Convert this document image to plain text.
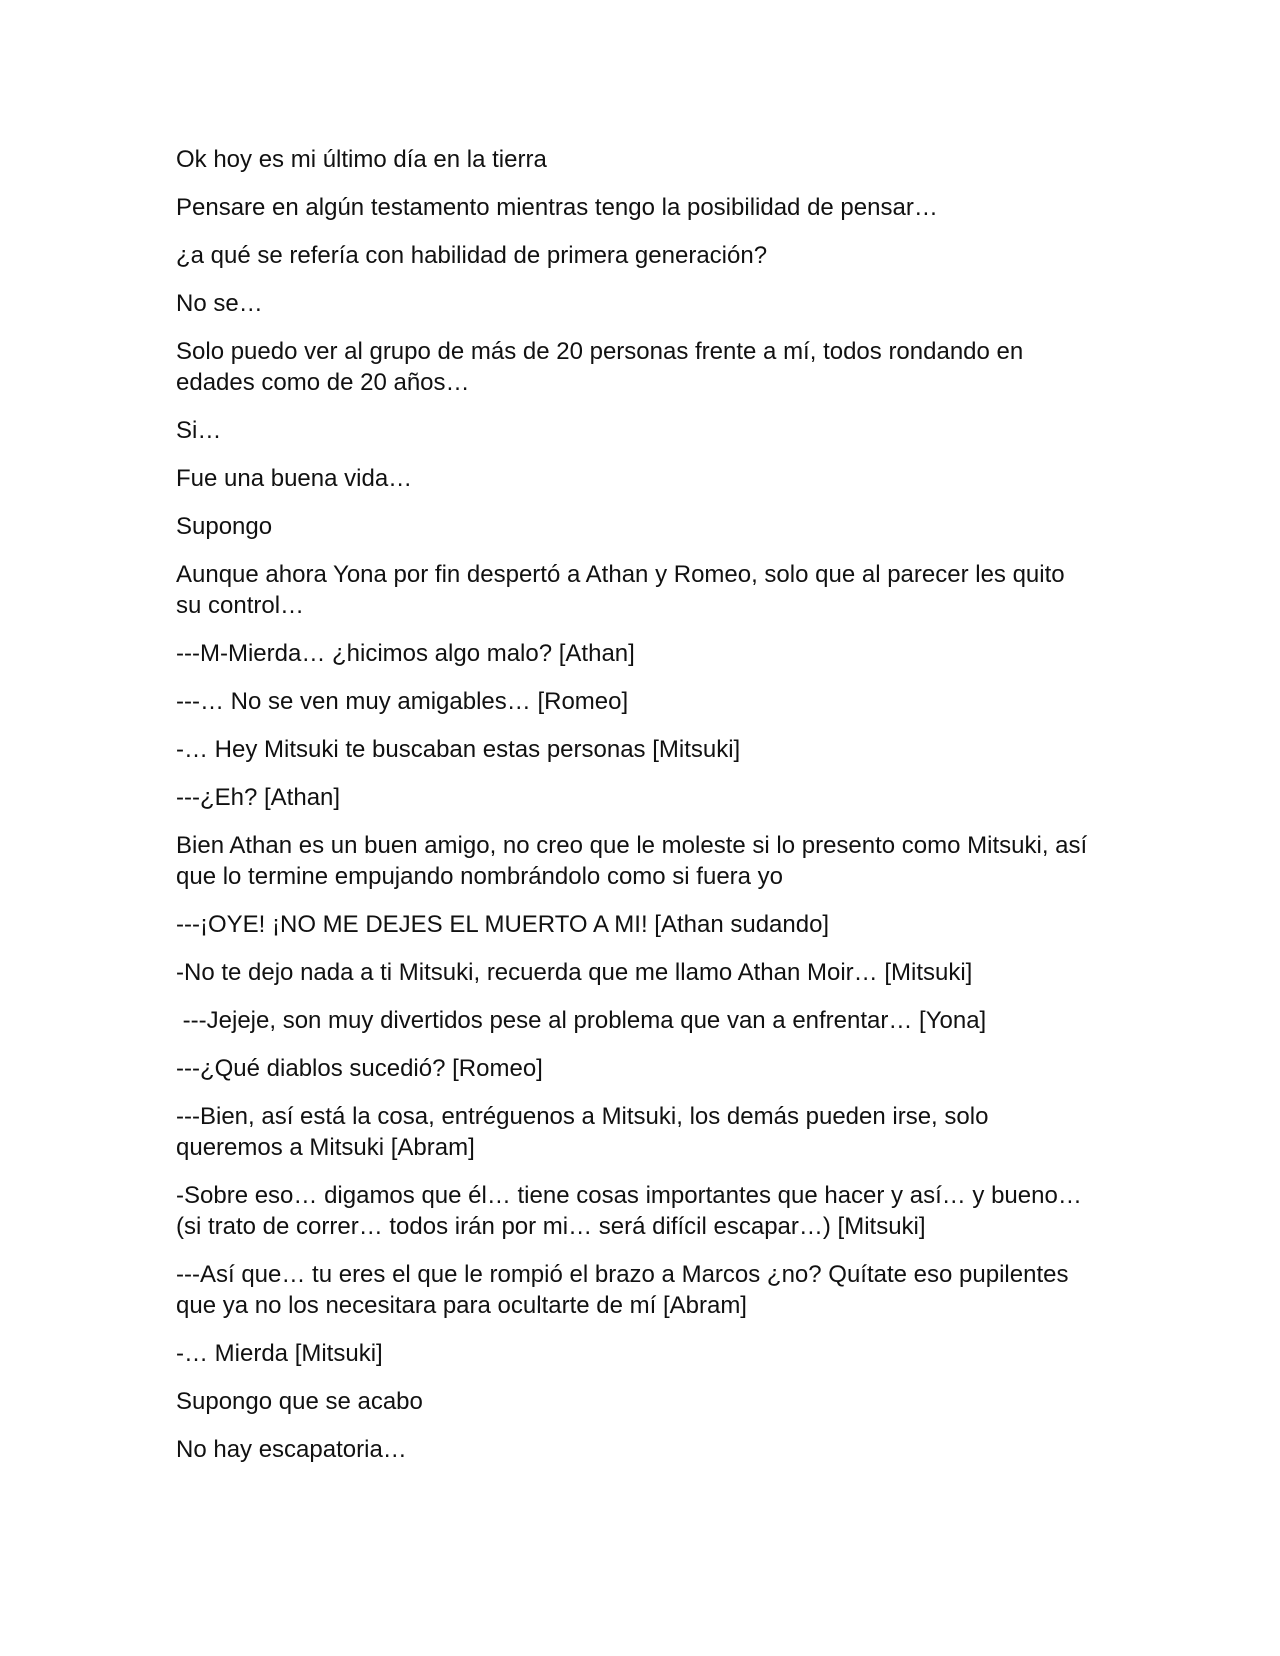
Ok hoy es mi último día en la tierra

Pensare en algún testamento mientras tengo la posibilidad de pensar…

¿a qué se refería con habilidad de primera generación?

No se…

Solo puedo ver al grupo de más de 20 personas frente a mí, todos rondando en edades como de 20 años…

Si…

Fue una buena vida…

Supongo

Aunque ahora Yona por fin despertó a Athan y Romeo, solo que al parecer les quito su control…

---M-Mierda… ¿hicimos algo malo? [Athan]

---… No se ven muy amigables… [Romeo]

-… Hey Mitsuki te buscaban estas personas [Mitsuki]

---¿Eh? [Athan]

Bien Athan es un buen amigo, no creo que le moleste si lo presento como Mitsuki, así que lo termine empujando nombrándolo como si fuera yo

---¡OYE! ¡NO ME DEJES EL MUERTO A MI! [Athan sudando]

-No te dejo nada a ti Mitsuki, recuerda que me llamo Athan Moir… [Mitsuki]

---Jejeje, son muy divertidos pese al problema que van a enfrentar… [Yona]

---¿Qué diablos sucedió? [Romeo]

---Bien, así está la cosa, entréguenos a Mitsuki, los demás pueden irse, solo queremos a Mitsuki [Abram]

-Sobre eso… digamos que él… tiene cosas importantes que hacer y así… y bueno… (si trato de correr… todos irán por mi… será difícil escapar…) [Mitsuki]

---Así que… tu eres el que le rompió el brazo a Marcos ¿no? Quítate eso pupilentes que ya no los necesitara para ocultarte de mí [Abram]

-… Mierda [Mitsuki]

Supongo que se acabo

No hay escapatoria…
